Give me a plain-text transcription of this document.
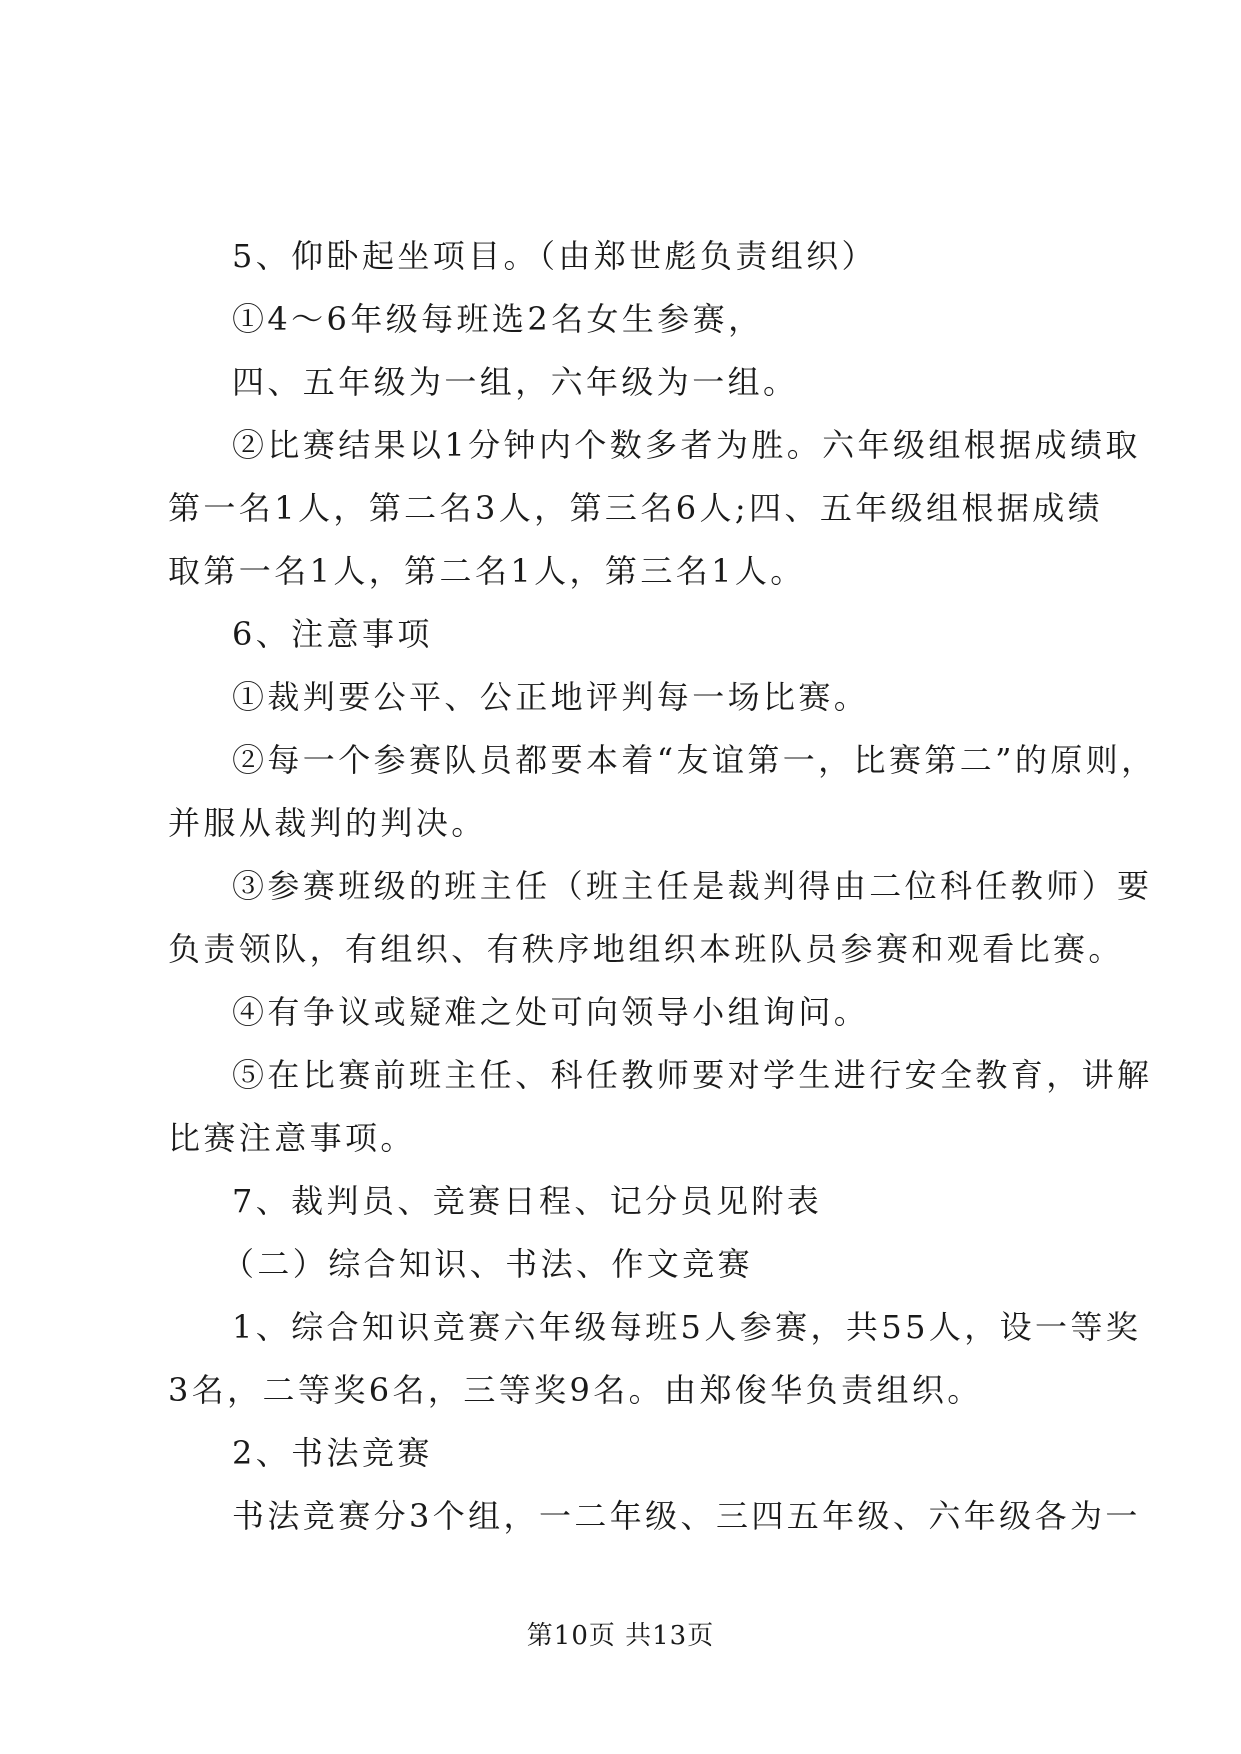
5、仰卧起坐项目。（由郑世彪负责组织）
①4～6年级每班选2名女生参赛，
四、五年级为一组，六年级为一组。
②比赛结果以1分钟内个数多者为胜。六年级组根据成绩取
第一名1人，第二名3人，第三名6人;四、五年级组根据成绩
取第一名1人，第二名1人，第三名1人。
6、注意事项
①裁判要公平、公正地评判每一场比赛。
②每一个参赛队员都要本着“友谊第一，比赛第二”的原则，
并服从裁判的判决。
③参赛班级的班主任（班主任是裁判得由二位科任教师）要
负责领队，有组织、有秩序地组织本班队员参赛和观看比赛。
④有争议或疑难之处可向领导小组询问。
⑤在比赛前班主任、科任教师要对学生进行安全教育，讲解
比赛注意事项。
7、裁判员、竞赛日程、记分员见附表
（二）综合知识、书法、作文竞赛
1、综合知识竞赛六年级每班5人参赛，共55人，设一等奖
3名，二等奖6名，三等奖9名。由郑俊华负责组织。
2、书法竞赛
书法竞赛分3个组，一二年级、三四五年级、六年级各为一
第10页 共13页
